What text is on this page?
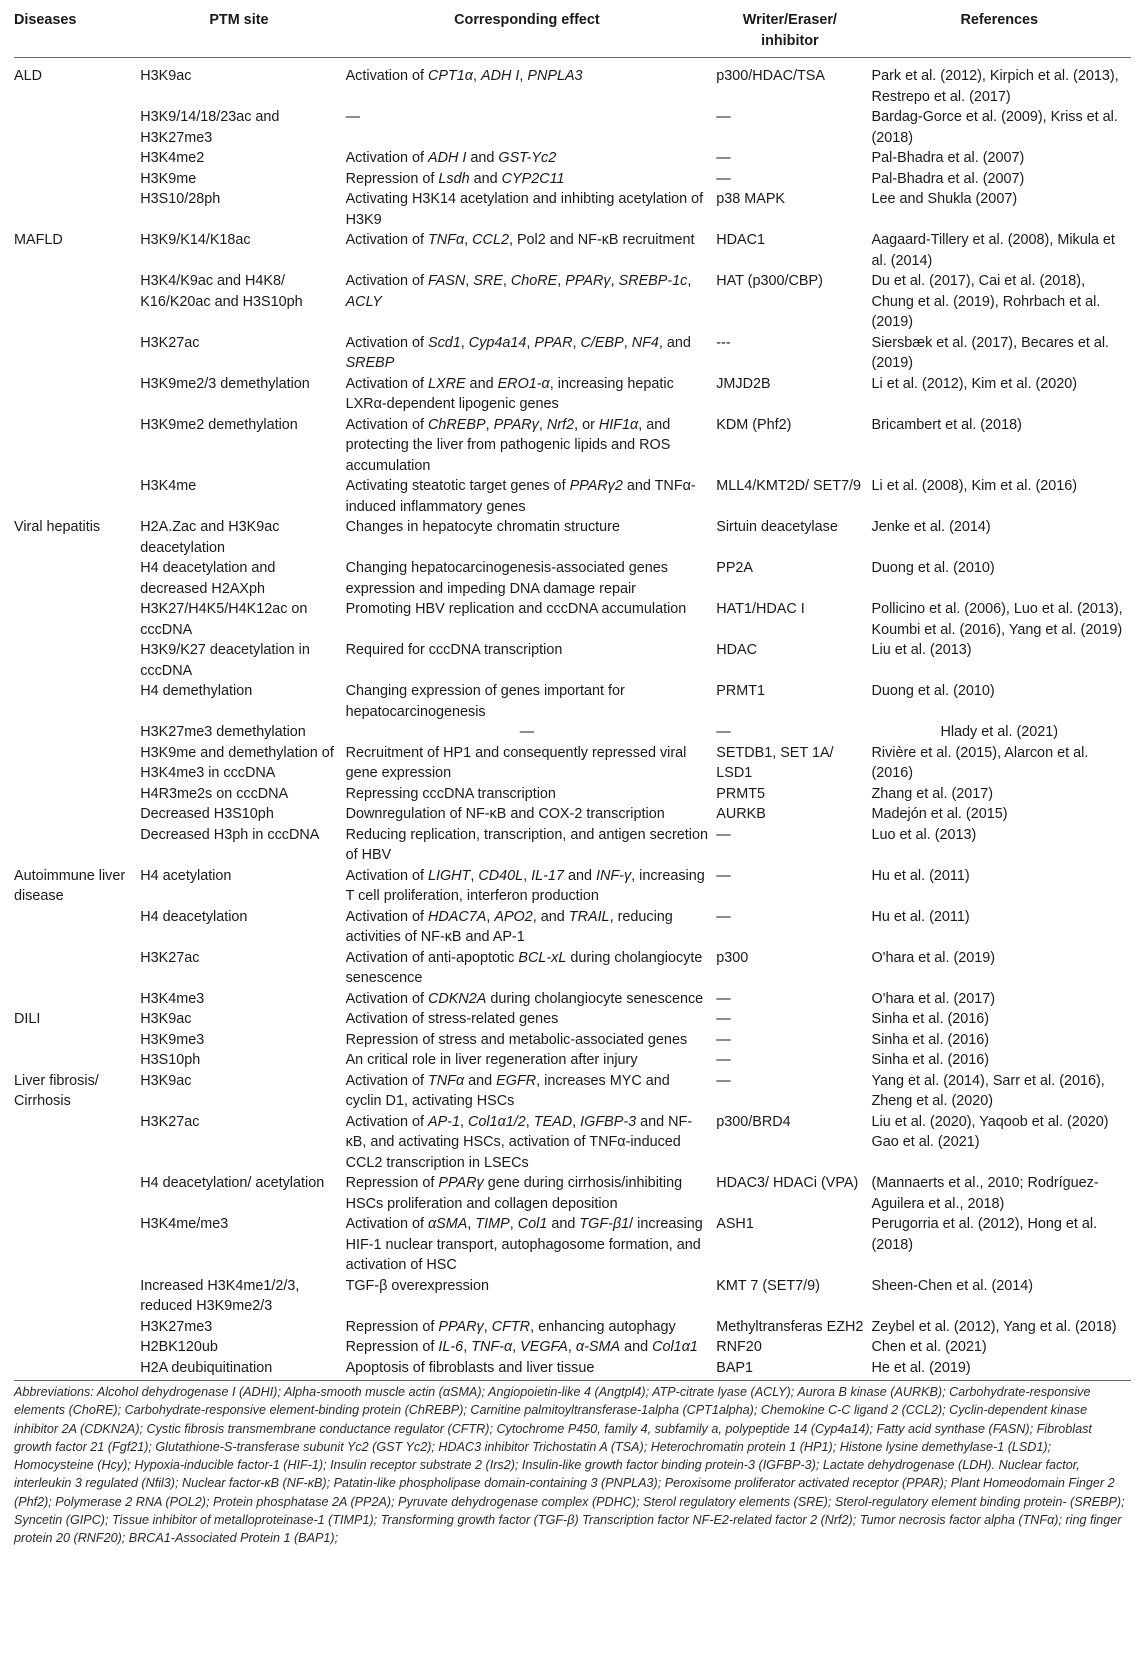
Diseases	PTM site	Corresponding effect	Writer/Eraser/ inhibitor	References
ALD	H3K9ac	Activation of CPT1α, ADH I, PNPLA3	p300/HDAC/TSA	Park et al. (2012), Kirpich et al. (2013), Restrepo et al. (2017)
	H3K9/14/18/23ac and H3K27me3	—	—	Bardag-Gorce et al. (2009), Kriss et al. (2018)
	H3K4me2	Activation of ADH I and GST-Yc2	—	Pal-Bhadra et al. (2007)
	H3K9me	Repression of Lsdh and CYP2C11	—	Pal-Bhadra et al. (2007)
	H3S10/28ph	Activating H3K14 acetylation and inhibting acetylation of H3K9	p38 MAPK	Lee and Shukla (2007)
MAFLD	H3K9/K14/K18ac	Activation of TNFα, CCL2, Pol2 and NF-κB recruitment	HDAC1	Aagaard-Tillery et al. (2008), Mikula et al. (2014)
	H3K4/K9ac and H4K8/ K16/K20ac and H3S10ph	Activation of FASN, SRE, ChoRE, PPARγ, SREBP-1c, ACLY	HAT (p300/CBP)	Du et al. (2017), Cai et al. (2018), Chung et al. (2019), Rohrbach et al. (2019)
	H3K27ac	Activation of Scd1, Cyp4a14, PPAR, C/EBP, NF4, and SREBP	---	Siersbæk et al. (2017), Becares et al. (2019)
	H3K9me2/3 demethylation	Activation of LXRE and ERO1-α, increasing hepatic LXRα-dependent lipogenic genes	JMJD2B	Li et al. (2012), Kim et al. (2020)
	H3K9me2 demethylation	Activation of ChREBP, PPARγ, Nrf2, or HIF1α, and protecting the liver from pathogenic lipids and ROS accumulation	KDM (Phf2)	Bricambert et al. (2018)
	H3K4me	Activating steatotic target genes of PPARγ2 and TNFα-induced inflammatory genes	MLL4/KMT2D/ SET7/9	Li et al. (2008), Kim et al. (2016)
Viral hepatitis	H2A.Zac and H3K9ac deacetylation	Changes in hepatocyte chromatin structure	Sirtuin deacetylase	Jenke et al. (2014)
	H4 deacetylation and decreased H2AXph	Changing hepatocarcinogenesis-associated genes expression and impeding DNA damage repair	PP2A	Duong et al. (2010)
	H3K27/H4K5/H4K12ac on cccDNA	Promoting HBV replication and cccDNA accumulation	HAT1/HDAC I	Pollicino et al. (2006), Luo et al. (2013), Koumbi et al. (2016), Yang et al. (2019)
	H3K9/K27 deacetylation in cccDNA	Required for cccDNA transcription	HDAC	Liu et al. (2013)
	H4 demethylation	Changing expression of genes important for hepatocarcinogenesis	PRMT1	Duong et al. (2010)
	H3K27me3 demethylation	—	—	Hlady et al. (2021)
	H3K9me and demethylation of H3K4me3 in cccDNA	Recruitment of HP1 and consequently repressed viral gene expression	SETDB1, SET 1A/ LSD1	Rivière et al. (2015), Alarcon et al. (2016)
	H4R3me2s on cccDNA	Repressing cccDNA transcription	PRMT5	Zhang et al. (2017)
	Decreased H3S10ph	Downregulation of NF-κB and COX-2 transcription	AURKB	Madejón et al. (2015)
	Decreased H3ph in cccDNA	Reducing replication, transcription, and antigen secretion of HBV	—	Luo et al. (2013)
Autoimmune liver disease	H4 acetylation	Activation of LIGHT, CD40L, IL-17 and INF-γ, increasing T cell proliferation, interferon production	—	Hu et al. (2011)
	H4 deacetylation	Activation of HDAC7A, APO2, and TRAIL, reducing activities of NF-κB and AP-1	—	Hu et al. (2011)
	H3K27ac	Activation of anti-apoptotic BCL-xL during cholangiocyte senescence	p300	O'hara et al. (2019)
	H3K4me3	Activation of CDKN2A during cholangiocyte senescence	—	O'hara et al. (2017)
DILI	H3K9ac	Activation of stress-related genes	—	Sinha et al. (2016)
	H3K9me3	Repression of stress and metabolic-associated genes	—	Sinha et al. (2016)
	H3S10ph	An critical role in liver regeneration after injury	—	Sinha et al. (2016)
Liver fibrosis/ Cirrhosis	H3K9ac	Activation of TNFα and EGFR, increases MYC and cyclin D1, activating HSCs	—	Yang et al. (2014), Sarr et al. (2016), Zheng et al. (2020)
	H3K27ac	Activation of AP-1, Col1α1/2, TEAD, IGFBP-3 and NF-κB, and activating HSCs, activation of TNFα-induced CCL2 transcription in LSECs	p300/BRD4	Liu et al. (2020), Yaqoob et al. (2020) Gao et al. (2021)
	H4 deacetylation/ acetylation	Repression of PPARγ gene during cirrhosis/inhibiting HSCs proliferation and collagen deposition	HDAC3/ HDACi (VPA)	(Mannaerts et al., 2010; Rodríguez-Aguilera et al., 2018)
	H3K4me/me3	Activation of αSMA, TIMP, Col1 and TGF-β1/ increasing HIF-1 nuclear transport, autophagosome formation, and activation of HSC	ASH1	Perugorria et al. (2012), Hong et al. (2018)
	Increased H3K4me1/2/3, reduced H3K9me2/3	TGF-β overexpression	KMT 7 (SET7/9)	Sheen-Chen et al. (2014)
	H3K27me3	Repression of PPARγ, CFTR, enhancing autophagy	Methyltransferas EZH2	Zeybel et al. (2012), Yang et al. (2018)
	H2BK120ub	Repression of IL-6, TNF-α, VEGFA, α-SMA and Col1α1	RNF20	Chen et al. (2021)
	H2A deubiquitination	Apoptosis of fibroblasts and liver tissue	BAP1	He et al. (2019)
Abbreviations: Alcohol dehydrogenase I (ADHI); Alpha-smooth muscle actin (αSMA); Angiopoietin-like 4 (Angtpl4); ATP-citrate lyase (ACLY); Aurora B kinase (AURKB); Carbohydrate-responsive elements (ChoRE); Carbohydrate-responsive element-binding protein (ChREBP); Carnitine palmitoyltransferase-1alpha (CPT1alpha); Chemokine C-C ligand 2 (CCL2); Cyclin-dependent kinase inhibitor 2A (CDKN2A); Cystic fibrosis transmembrane conductance regulator (CFTR); Cytochrome P450, family 4, subfamily a, polypeptide 14 (Cyp4a14); Fatty acid synthase (FASN); Fibroblast growth factor 21 (Fgf21); Glutathione-S-transferase subunit Yc2 (GST Yc2); HDAC3 inhibitor Trichostatin A (TSA); Heterochromatin protein 1 (HP1); Histone lysine demethylase-1 (LSD1); Homocysteine (Hcy); Hypoxia-inducible factor-1 (HIF-1); Insulin receptor substrate 2 (Irs2); Insulin-like growth factor binding protein-3 (IGFBP-3); Lactate dehydrogenase (LDH). Nuclear factor, interleukin 3 regulated (Nfil3); Nuclear factor-κB (NF-κB); Patatin-like phospholipase domain-containing 3 (PNPLA3); Peroxisome proliferator activated receptor (PPAR); Plant Homeodomain Finger 2 (Phf2); Polymerase 2 RNA (POL2); Protein phosphatase 2A (PP2A); Pyruvate dehydrogenase complex (PDHC); Sterol regulatory elements (SRE); Sterol-regulatory element binding protein- (SREBP); Syncetin (GIPC); Tissue inhibitor of metalloproteinase-1 (TIMP1); Transforming growth factor (TGF-β) Transcription factor NF-E2-related factor 2 (Nrf2); Tumor necrosis factor alpha (TNFα); ring finger protein 20 (RNF20); BRCA1-Associated Protein 1 (BAP1);
